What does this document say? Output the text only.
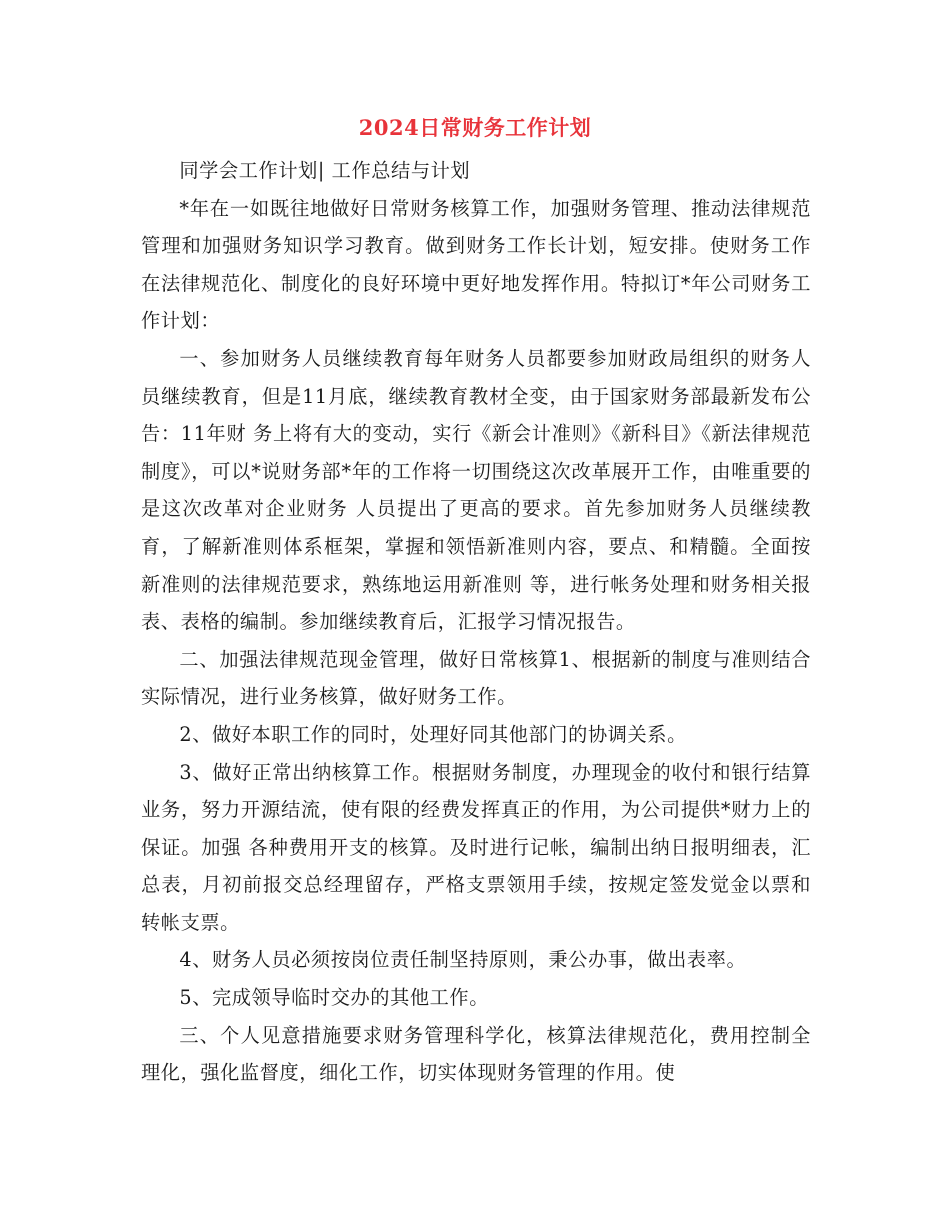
2024日常财务工作计划

同学会工作计划| 工作总结与计划

*年在一如既往地做好日常财务核算工作，加强财务管理、推动法律规范管理和加强财务知识学习教育。做到财务工作长计划，短安排。使财务工作在法律规范化、制度化的良好环境中更好地发挥作用。特拟订*年公司财务工作计划：

一、参加财务人员继续教育每年财务人员都要参加财政局组织的财务人员继续教育，但是11月底，继续教育教材全变，由于国家财务部最新发布公告：11年财 务上将有大的变动，实行《新会计准则》《新科目》《新法律规范制度》，可以*说财务部*年的工作将一切围绕这次改革展开工作，由唯重要的是这次改革对企业财务 人员提出了更高的要求。首先参加财务人员继续教育，了解新准则体系框架，掌握和领悟新准则内容，要点、和精髓。全面按新准则的法律规范要求，熟练地运用新准则 等，进行帐务处理和财务相关报表、表格的编制。参加继续教育后，汇报学习情况报告。

二、加强法律规范现金管理，做好日常核算1、根据新的制度与准则结合实际情况，进行业务核算，做好财务工作。

2、做好本职工作的同时，处理好同其他部门的协调关系。

3、做好正常出纳核算工作。根据财务制度，办理现金的收付和银行结算业务，努力开源结流，使有限的经费发挥真正的作用，为公司提供*财力上的保证。加强 各种费用开支的核算。及时进行记帐，编制出纳日报明细表，汇总表，月初前报交总经理留存，严格支票领用手续，按规定签发觉金以票和转帐支票。

4、财务人员必须按岗位责任制坚持原则，秉公办事，做出表率。

5、完成领导临时交办的其他工作。

三、个人见意措施要求财务管理科学化，核算法律规范化，费用控制全理化，强化监督度，细化工作，切实体现财务管理的作用。使
